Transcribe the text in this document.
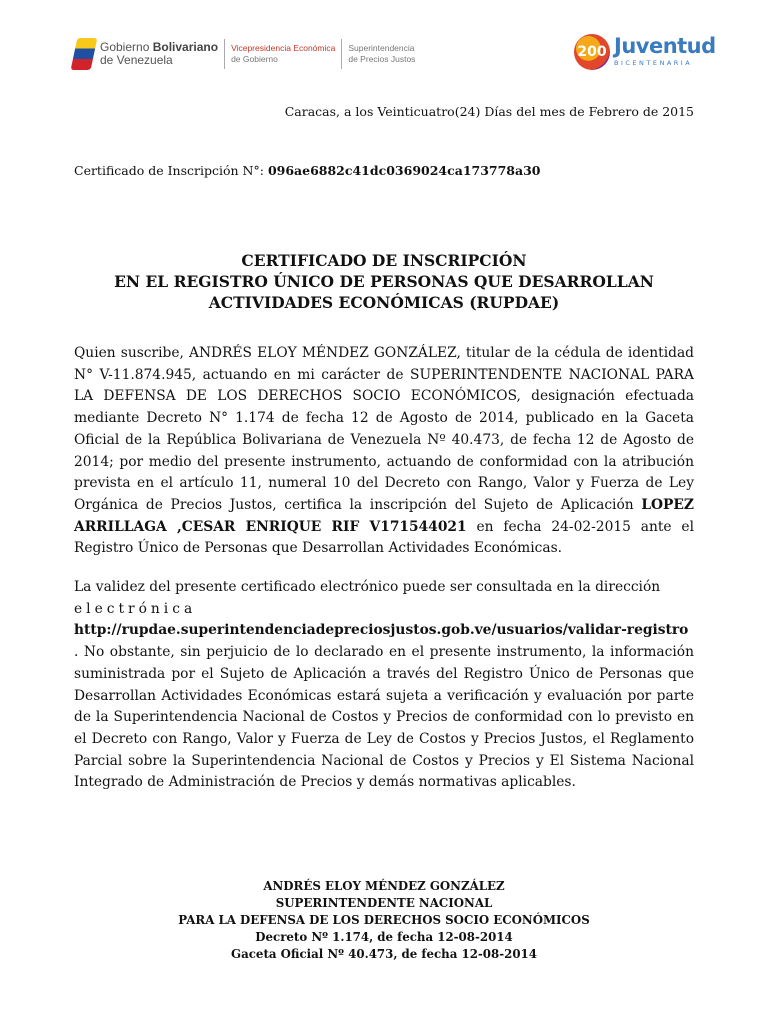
Gobierno Bolivariano
de Venezuela
Vicepresidencia Económica
de Gobierno
Superintendencia
de Precios Justos	200 Juventud
BICENTENARIA
Caracas, a los Veinticuatro(24) Días del mes de Febrero de 2015
Certificado de Inscripción N°: 096ae6882c41dc0369024ca173778a30
CERTIFICADO DE INSCRIPCIÓN
EN EL REGISTRO ÚNICO DE PERSONAS QUE DESARROLLAN
ACTIVIDADES ECONÓMICAS (RUPDAE)
Quien suscribe, ANDRÉS ELOY MÉNDEZ GONZÁLEZ, titular de la cédula de identidad N° V-11.874.945, actuando en mi carácter de SUPERINTENDENTE NACIONAL PARA LA DEFENSA DE LOS DERECHOS SOCIO ECONÓMICOS, designación efectuada mediante Decreto N° 1.174 de fecha 12 de Agosto de 2014, publicado en la Gaceta Oficial de la República Bolivariana de Venezuela Nº 40.473, de fecha 12 de Agosto de 2014; por medio del presente instrumento, actuando de conformidad con la atribución prevista en el artículo 11, numeral 10 del Decreto con Rango, Valor y Fuerza de Ley Orgánica de Precios Justos, certifica la inscripción del Sujeto de Aplicación LOPEZ ARRILLAGA ,CESAR ENRIQUE RIF V171544021 en fecha 24-02-2015 ante el Registro Único de Personas que Desarrollan Actividades Económicas.
La validez del presente certificado electrónico puede ser consultada en la dirección
electrónica
http://rupdae.superintendenciadepreciosjustos.gob.ve/usuarios/validar-registro
. No obstante, sin perjuicio de lo declarado en el presente instrumento, la información suministrada por el Sujeto de Aplicación a través del Registro Único de Personas que Desarrollan Actividades Económicas estará sujeta a verificación y evaluación por parte de la Superintendencia Nacional de Costos y Precios de conformidad con lo previsto en el Decreto con Rango, Valor y Fuerza de Ley de Costos y Precios Justos, el Reglamento Parcial sobre la Superintendencia Nacional de Costos y Precios y El Sistema Nacional Integrado de Administración de Precios y demás normativas aplicables.
ANDRÉS ELOY MÉNDEZ GONZÁLEZ
SUPERINTENDENTE NACIONAL
PARA LA DEFENSA DE LOS DERECHOS SOCIO ECONÓMICOS
Decreto Nº 1.174, de fecha 12-08-2014
Gaceta Oficial Nº 40.473, de fecha 12-08-2014
